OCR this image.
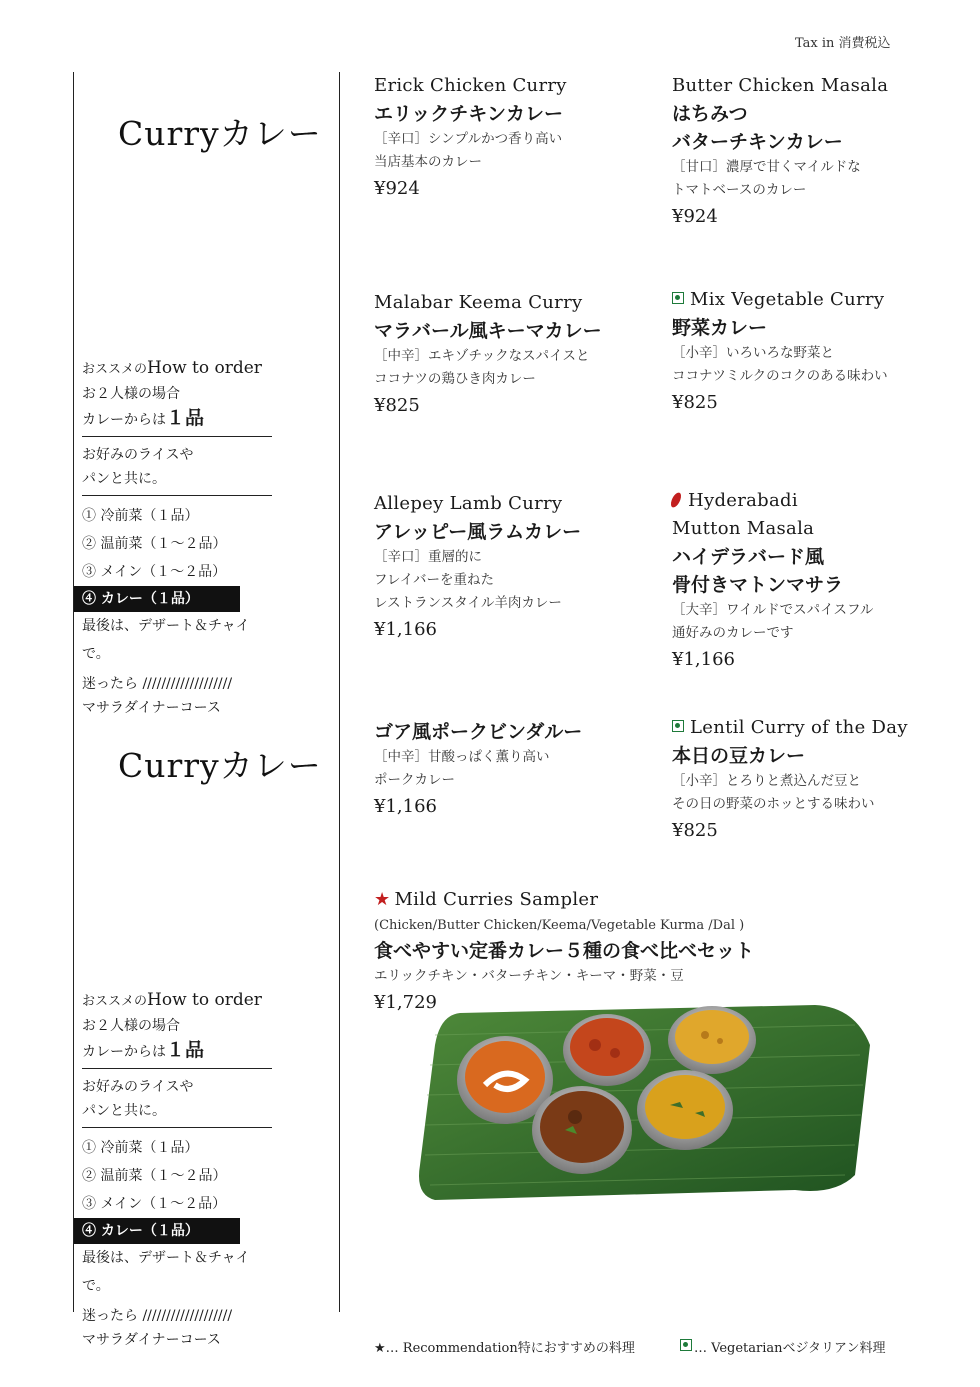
Tax in 消費税込
Curryカレー
Curryカレー
おススメのHow to order
お２人様の場合
カレーからは１品
お好みのライスや
パンと共に。
① 冷前菜（１品）
② 温前菜（１〜２品）
③ メイン（１〜２品）
④ カレー（１品）
最後は、デザート＆チャイで。
迷ったら ///////////////////
マサラダイナーコース
おススメのHow to order
お２人様の場合
カレーからは１品
お好みのライスや
パンと共に。
① 冷前菜（１品）
② 温前菜（１〜２品）
③ メイン（１〜２品）
④ カレー（１品）
最後は、デザート＆チャイで。
迷ったら ///////////////////
マサラダイナーコース
Erick Chicken Curry
エリックチキンカレー
［辛口］シンプルかつ香り高い
当店基本のカレー
¥924
Butter Chicken Masala
はちみつ
バターチキンカレー
［甘口］濃厚で甘くマイルドな
トマトベースのカレー
¥924
Malabar Keema Curry
マラバール風キーマカレー
［中辛］エキゾチックなスパイスと
ココナツの鶏ひき肉カレー
¥825
Mix Vegetable Curry
野菜カレー
［小辛］いろいろな野菜と
ココナツミルクのコクのある味わい
¥825
Allepey Lamb Curry
アレッピー風ラムカレー
［辛口］重層的に
フレイバーを重ねた
レストランスタイル羊肉カレー
¥1,166
Hyderabadi
Mutton Masala
ハイデラバード風
骨付きマトンマサラ
［大辛］ワイルドでスパイスフル
通好みのカレーです
¥1,166
ゴア風ポークビンダルー
［中辛］甘酸っぱく薫り高い
ポークカレー
¥1,166
Lentil Curry of the Day
本日の豆カレー
［小辛］とろりと煮込んだ豆と
その日の野菜のホッとする味わい
¥825
★ Mild Curries Sampler
(Chicken/Butter Chicken/Keema/Vegetable Kurma /Dal )
食べやすい定番カレー５種の食べ比べセット
エリックチキン・バターチキン・キーマ・野菜・豆
¥1,729
★… Recommendation特におすすめの料理	… Vegetarianベジタリアン料理
